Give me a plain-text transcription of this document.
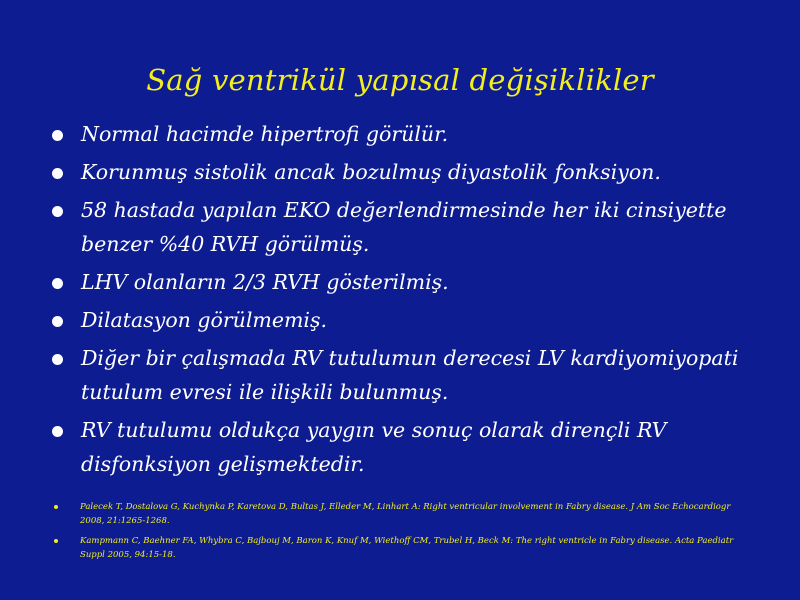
Sağ ventrikül yapısal değişiklikler
Normal hacimde hipertrofi görülür.
Korunmuş sistolik ancak bozulmuş diyastolik fonksiyon.
58 hastada yapılan EKO değerlendirmesinde her iki cinsiyette benzer %40 RVH görülmüş.
LHV olanların 2/3 RVH gösterilmiş.
Dilatasyon görülmemiş.
Diğer bir çalışmada RV tutulumun derecesi LV kardiyomiyopati tutulum evresi ile ilişkili bulunmuş.
RV tutulumu oldukça yaygın ve sonuç olarak dirençli RV disfonksiyon gelişmektedir.
Palecek T, Dostalova G, Kuchynka P, Karetova D, Bultas J, Elleder M, Linhart A: Right ventricular involvement in Fabry disease. J Am Soc Echocardiogr 2008, 21:1265-1268.
Kampmann C, Baehner FA, Whybra C, Bajbouj M, Baron K, Knuf M, Wiethoff CM, Trubel H, Beck M: The right ventricle in Fabry disease. Acta Paediatr Suppl 2005, 94:15-18.
